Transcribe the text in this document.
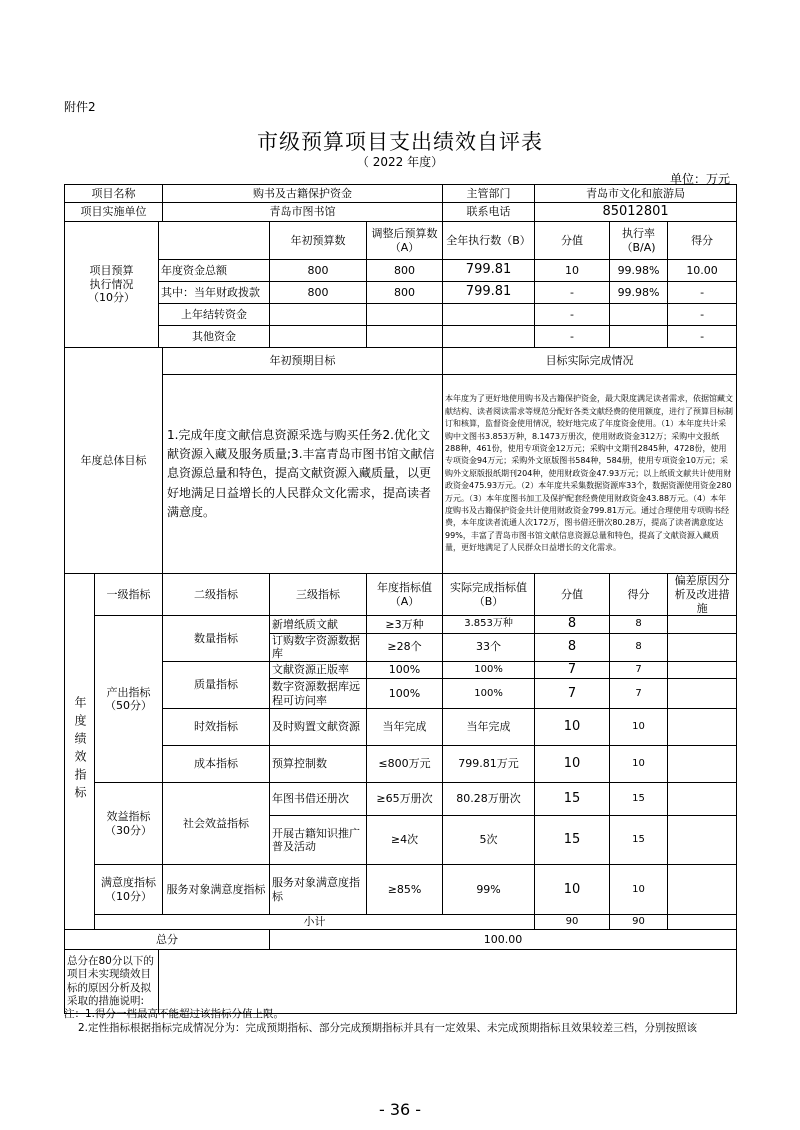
附件2
市级预算项目支出绩效自评表
（ 2022 年度）
单位：万元
项目名称			购书及古籍保护资金			主管部门	青岛市文化和旅游局		
项目实施单位			青岛市图书馆			联系电话	85012801		

项目预算
执行情况
（10分）				年初预算数	调整后预算数（A）	全年执行数（B）	分值	执行率（B/A)	得分
		年度资金总额		800	800	799.81	10	99.98%	10.00
		其中：当年财政拨款		800	800	799.81	-	99.98%	-
		上年结转资金					-		-
		其他资金					-		-
年度总体目标			年初预期目标			目标实际完成情况			
			1.完成年度文献信息资源采选与购买任务2.优化文献资源入藏及服务质量;3.丰富青岛市图书馆文献信息资源总量和特色，提高文献资源入藏质量，以更好地满足日益增长的人民群众文化需求，提高读者满意度。			本年度为了更好地使用购书及古籍保护资金，最大限度满足读者需求，依据馆藏文献结构、读者阅读需求等规范分配好各类文献经费的使用额度，进行了预算目标制订和核算，监督资金使用情况，较好地完成了年度资金使用。（1）本年度共计采购中文图书3.853万种，8.1473万册次，使用财政资金312万；采购中文报纸288种，461份，使用专项资金12万元；采购中文期刊2845种，4728份，使用专项资金94万元；采购外文原版图书584种，584册，使用专项资金10万元；采购外文原版报纸期刊204种，使用财政资金47.93万元；以上纸质文献共计使用财政资金475.93万元。（2）本年度共采集数据资源库33个，数据资源使用资金280万元。（3）本年度图书加工及保护配套经费使用财政资金43.88万元。（4）本年度购书及古籍保护资金共计使用财政资金799.81万元。通过合理使用专项购书经费，本年度读者流通人次172万，图书借还册次80.28万，提高了读者满意度达99%，丰富了青岛市图书馆文献信息资源总量和特色，提高了文献资源入藏质量，更好地满足了人民群众日益增长的文化需求。			
年度绩效指标	一级指标		二级指标	三级指标	年度指标值（A）	实际完成指标值（B）	分值	得分	偏差原因分析及改进措施
	产出指标（50分）		数量指标	新增纸质文献	≥3万种	3.853万种	8	8	
				订购数字资源数据库	≥28个	33个	8	8	
			质量指标	文献资源正版率	100%	100%	7	7	
				数字资源数据库远程可访问率	100%	100%	7	7	
			时效指标	及时购置文献资源	当年完成	当年完成	10	10	
			成本指标	预算控制数	≤800万元	799.81万元	10	10	
	效益指标（30分）		社会效益指标	年图书借还册次	≥65万册次	80.28万册次	15	15	
				开展古籍知识推广普及活动	≥4次	5次	15	15	
	满意度指标（10分）		服务对象满意度指标	服务对象满意度指标	≥85%	99%	10	10	
	小计						90	90	
总分				100.00					
总分在80分以下的项目未实现绩效目标的原因分析及拟采取的措施说明:									
注：1.得分一档最高不能超过该指标分值上限。
2.定性指标根据指标完成情况分为：完成预期指标、部分完成预期指标并具有一定效果、未完成预期指标且效果较差三档，分别按照该
- 36 -
